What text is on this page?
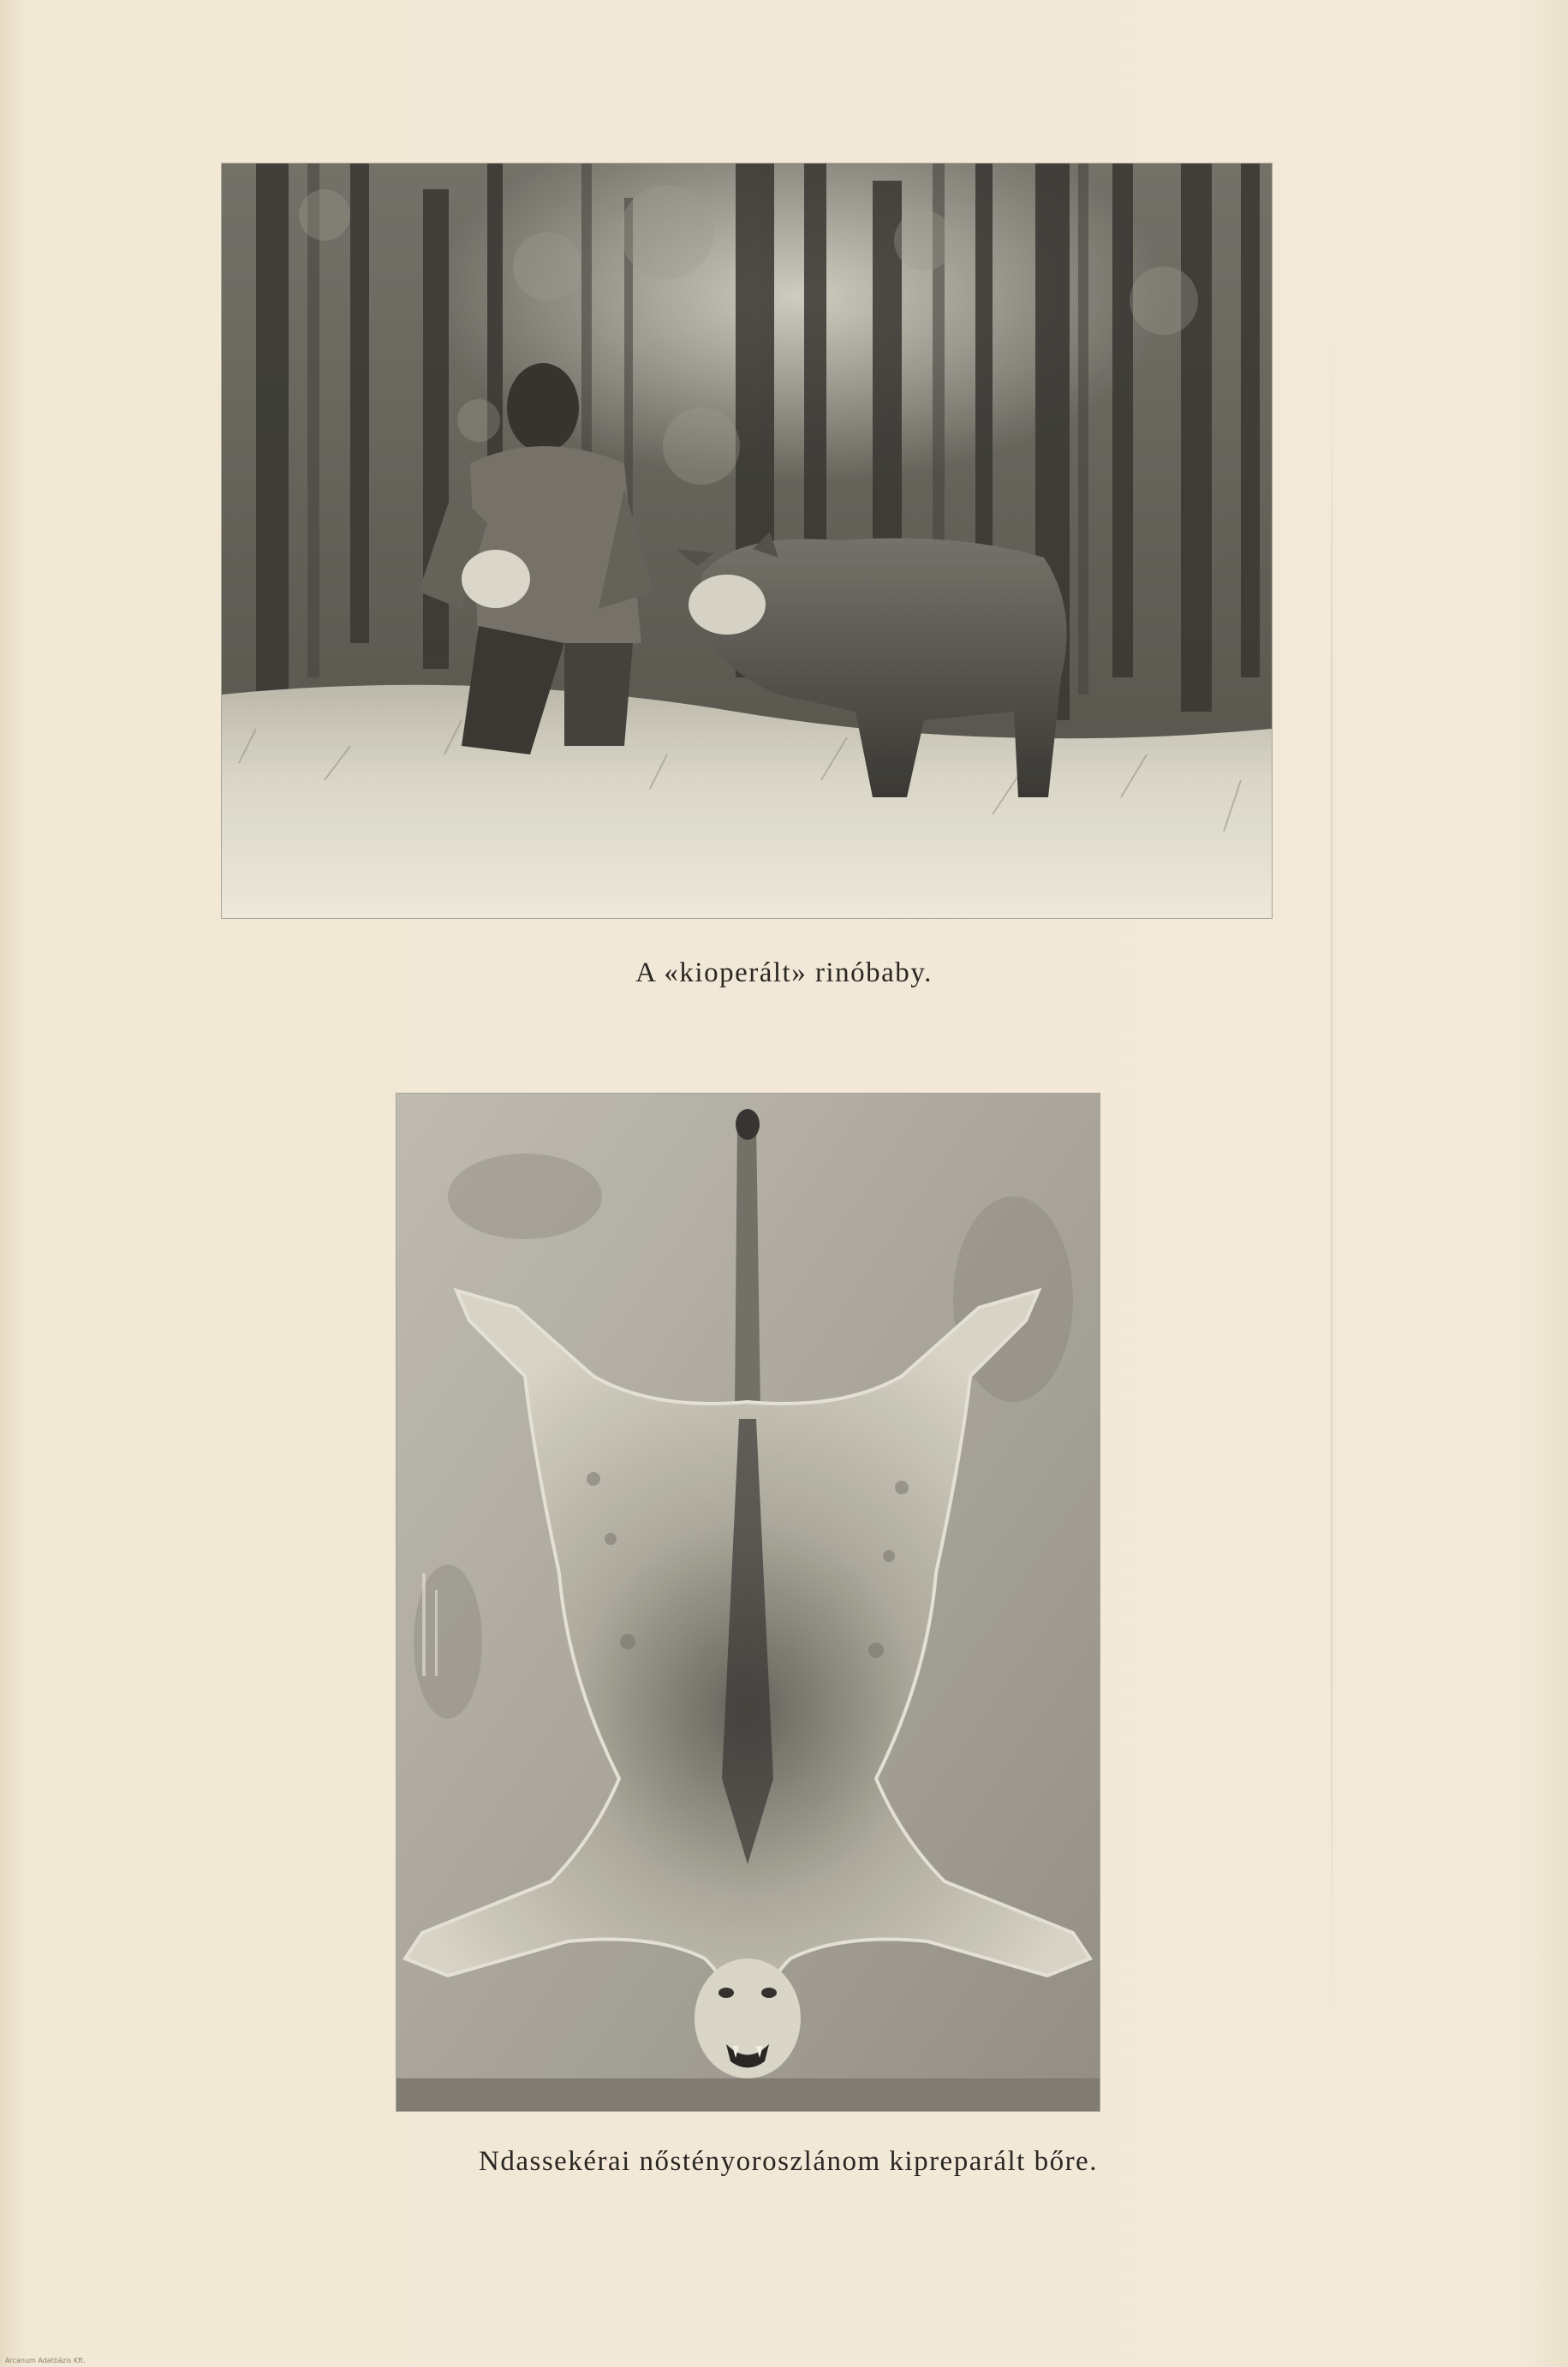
A «kioperált» rinóbaby.
Ndassekérai nőstényoroszlánom kipreparált bőre.
Arcanum Adatbázis Kft.
